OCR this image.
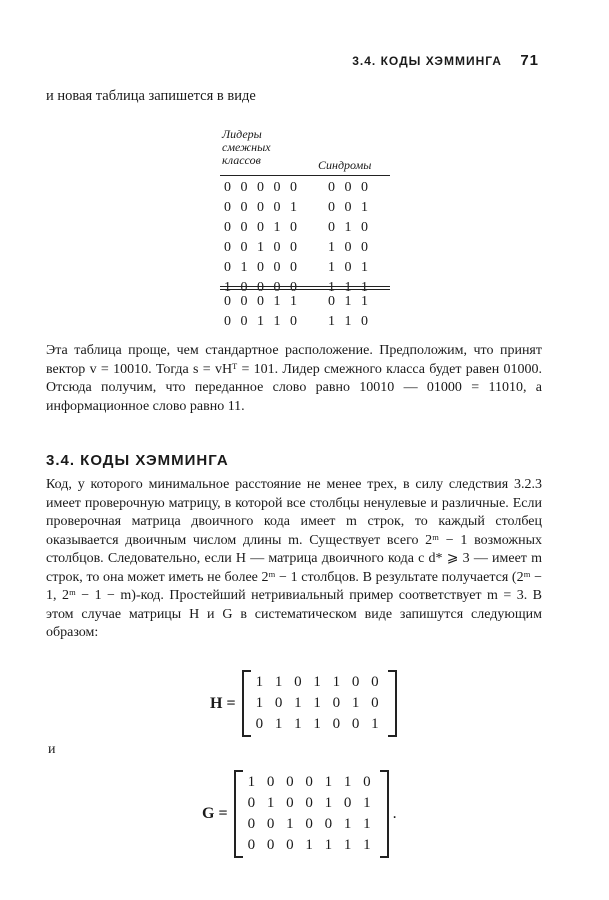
3.4. КОДЫ ХЭММИНГА 71
и новая таблица запишется в виде
Лидеры
смежных
классов	Синдромы
0 0 0 0 0 0 0 0
0 0 0 0 1 0 0 1
0 0 0 1 0 0 1 0
0 0 1 0 0 1 0 0
0 1 0 0 0 1 0 1
1 0 0 0 0 1 1 1
0 0 0 1 1 0 1 1
0 0 1 1 0 1 1 0
Эта таблица проще, чем стандартное расположение. Предположим, что принят вектор v = 10010. Тогда s = vHᵀ = 101. Лидер смежного класса будет равен 01000. Отсюда получим, что переданное слово равно 10010 — 01000 = 11010, а информационное слово равно 11.
3.4. КОДЫ ХЭММИНГА
Код, у которого минимальное расстояние не менее трех, в силу следствия 3.2.3 имеет проверочную матрицу, в которой все столбцы ненулевые и различные. Если проверочная матрица двоичного кода имеет m строк, то каждый столбец оказывается двоичным числом длины m. Существует всего 2ᵐ − 1 возможных столбцов. Следовательно, если H — матрица двоичного кода с d* ⩾ 3 — имеет m строк, то она может иметь не более 2ᵐ − 1 столбцов. В результате получается (2ᵐ − 1, 2ᵐ − 1 − m)-код. Простейший нетривиальный пример соответствует m = 3. В этом случае матрицы H и G в систематическом виде запишутся следующим образом:
H =
1 1 0 1 1 0 0
1 0 1 1 0 1 0
0 1 1 1 0 0 1
и
G =
1 0 0 0 1 1 0
0 1 0 0 1 0 1
0 0 1 0 0 1 1
0 0 0 1 1 1 1
.
